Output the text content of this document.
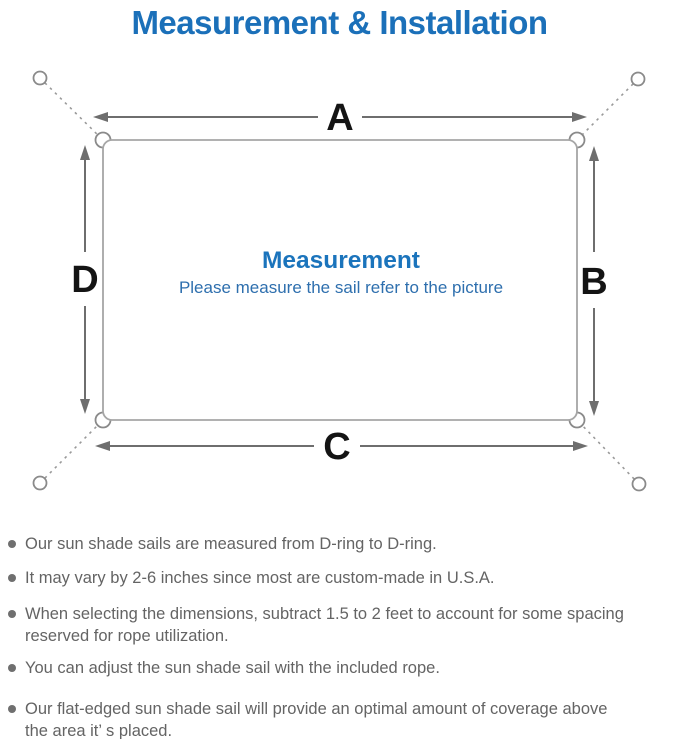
Measurement & Installation
A
C
D	B
Measurement
Please measure the sail refer to the picture
Our sun shade sails are measured from D-ring to D-ring.
It may vary by 2-6 inches since most are custom-made in U.S.A.
When selecting the dimensions, subtract 1.5 to 2 feet to account for some spacing
reserved for rope utilization.
You can adjust the sun shade sail with the included rope.
Our flat-edged sun shade sail will provide an optimal amount of coverage above
the area it’ s placed.
